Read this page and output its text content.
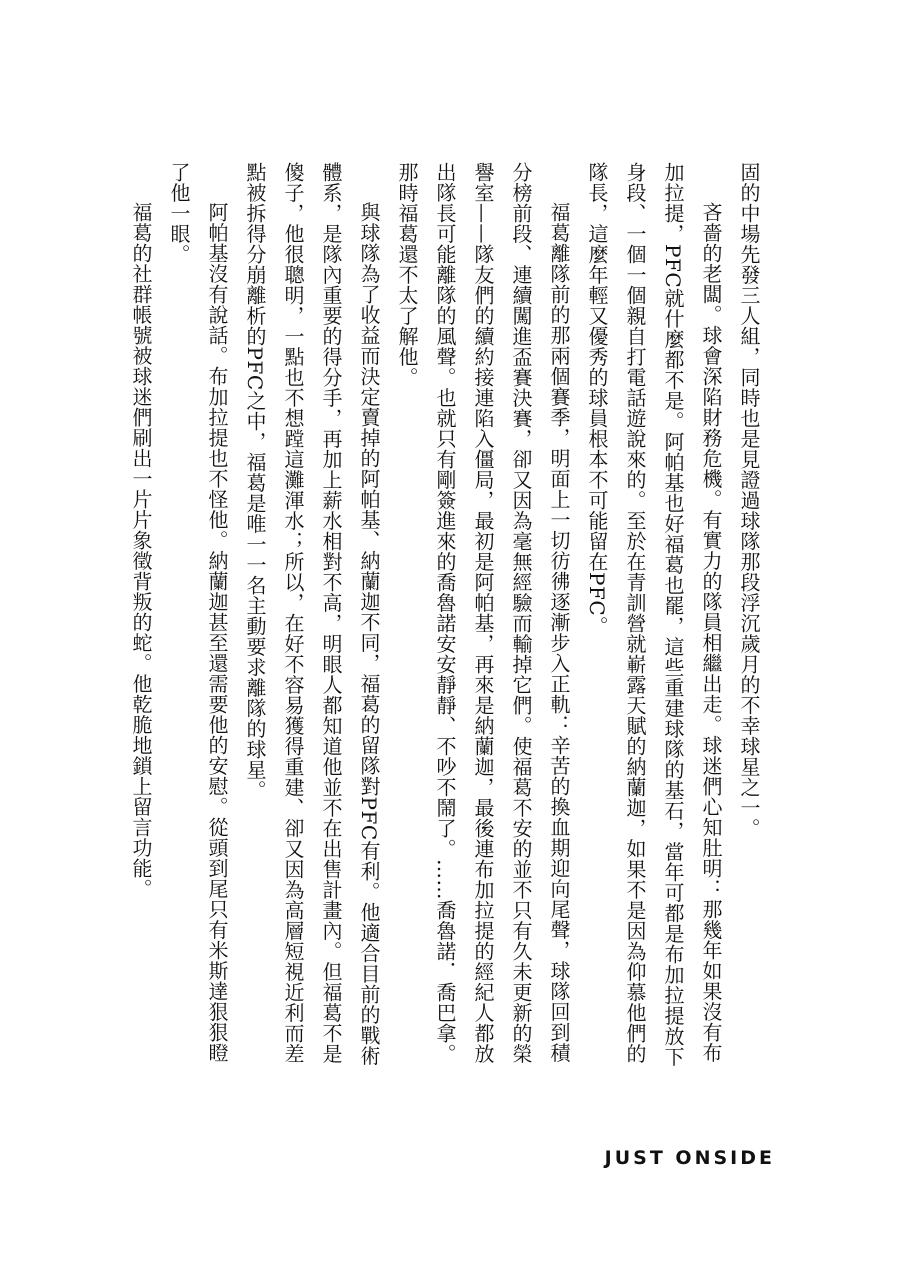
固的中場先發三人組，同時也是見證過球隊那段浮沉歲月的不幸球星之一。

吝嗇的老闆。球會深陷財務危機。有實力的隊員相繼出走。球迷們心知肚明：那幾年如果沒有布加拉提，PFC就什麼都不是。阿帕基也好福葛也罷，這些重建球隊的基石，當年可都是布加拉提放下身段、一個一個親自打電話遊說來的。至於在青訓營就嶄露天賦的納蘭迦，如果不是因為仰慕他們的隊長，這麼年輕又優秀的球員根本不可能留在PFC。

福葛離隊前的那兩個賽季，明面上一切彷彿逐漸步入正軌：辛苦的換血期迎向尾聲，球隊回到積分榜前段、連續闖進盃賽決賽，卻又因為毫無經驗而輸掉它們。使福葛不安的並不只有久未更新的榮譽室——隊友們的續約接連陷入僵局，最初是阿帕基，再來是納蘭迦，最後連布加拉提的經紀人都放出隊長可能離隊的風聲。也就只有剛簽進來的喬魯諾安安靜靜、不吵不鬧了。……喬魯諾．喬巴拿。那時福葛還不太了解他。

與球隊為了收益而決定賣掉的阿帕基、納蘭迦不同，福葛的留隊對PFC有利。他適合目前的戰術體系，是隊內重要的得分手，再加上薪水相對不高，明眼人都知道他並不在出售計畫內。但福葛不是傻子，他很聰明，一點也不想蹚這灘渾水；所以，在好不容易獲得重建、卻又因為高層短視近利而差點被拆得分崩離析的PFC之中，福葛是唯一一名主動要求離隊的球星。

阿帕基沒有說話。布加拉提也不怪他。納蘭迦甚至還需要他的安慰。從頭到尾只有米斯達狠狠瞪了他一眼。

福葛的社群帳號被球迷們刷出一片片象徵背叛的蛇。他乾脆地鎖上留言功能。

JUST ONSIDE
